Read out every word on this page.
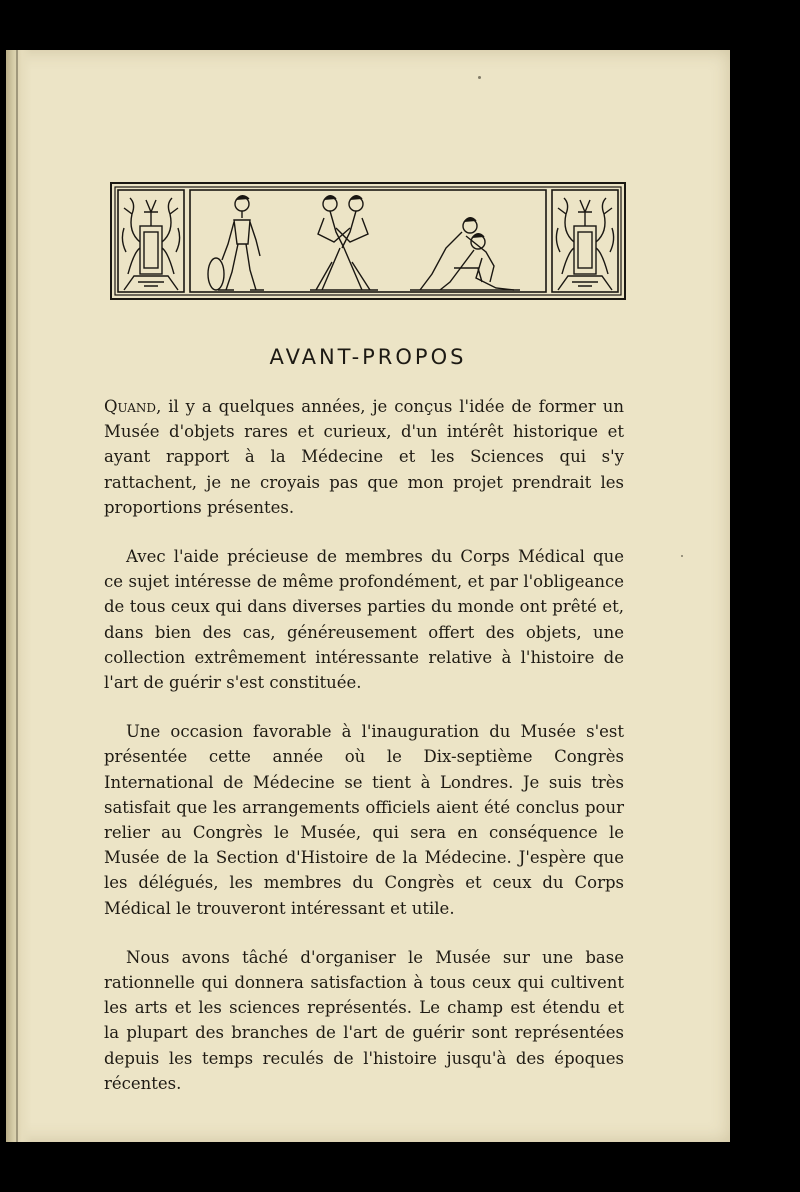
AVANT-PROPOS

Quand, il y a quelques années, je conçus l'idée de former un Musée d'objets rares et curieux, d'un intérêt historique et ayant rapport à la Médecine et les Sciences qui s'y rattachent, je ne croyais pas que mon projet prendrait les proportions présentes.

Avec l'aide précieuse de membres du Corps Médical que ce sujet intéresse de même profondément, et par l'obligeance de tous ceux qui dans diverses parties du monde ont prêté et, dans bien des cas, généreusement offert des objets, une collection extrêmement intéressante relative à l'histoire de l'art de guérir s'est constituée.

Une occasion favorable à l'inauguration du Musée s'est présentée cette année où le Dix-septième Congrès International de Médecine se tient à Londres. Je suis très satisfait que les arrangements officiels aient été conclus pour relier au Congrès le Musée, qui sera en conséquence le Musée de la Section d'Histoire de la Médecine. J'espère que les délégués, les membres du Congrès et ceux du Corps Médical le trouveront intéressant et utile.

Nous avons tâché d'organiser le Musée sur une base rationnelle qui donnera satisfaction à tous ceux qui cultivent les arts et les sciences représentés. Le champ est étendu et la plupart des branches de l'art de guérir sont représentées depuis les temps reculés de l'histoire jusqu'à des époques récentes.
